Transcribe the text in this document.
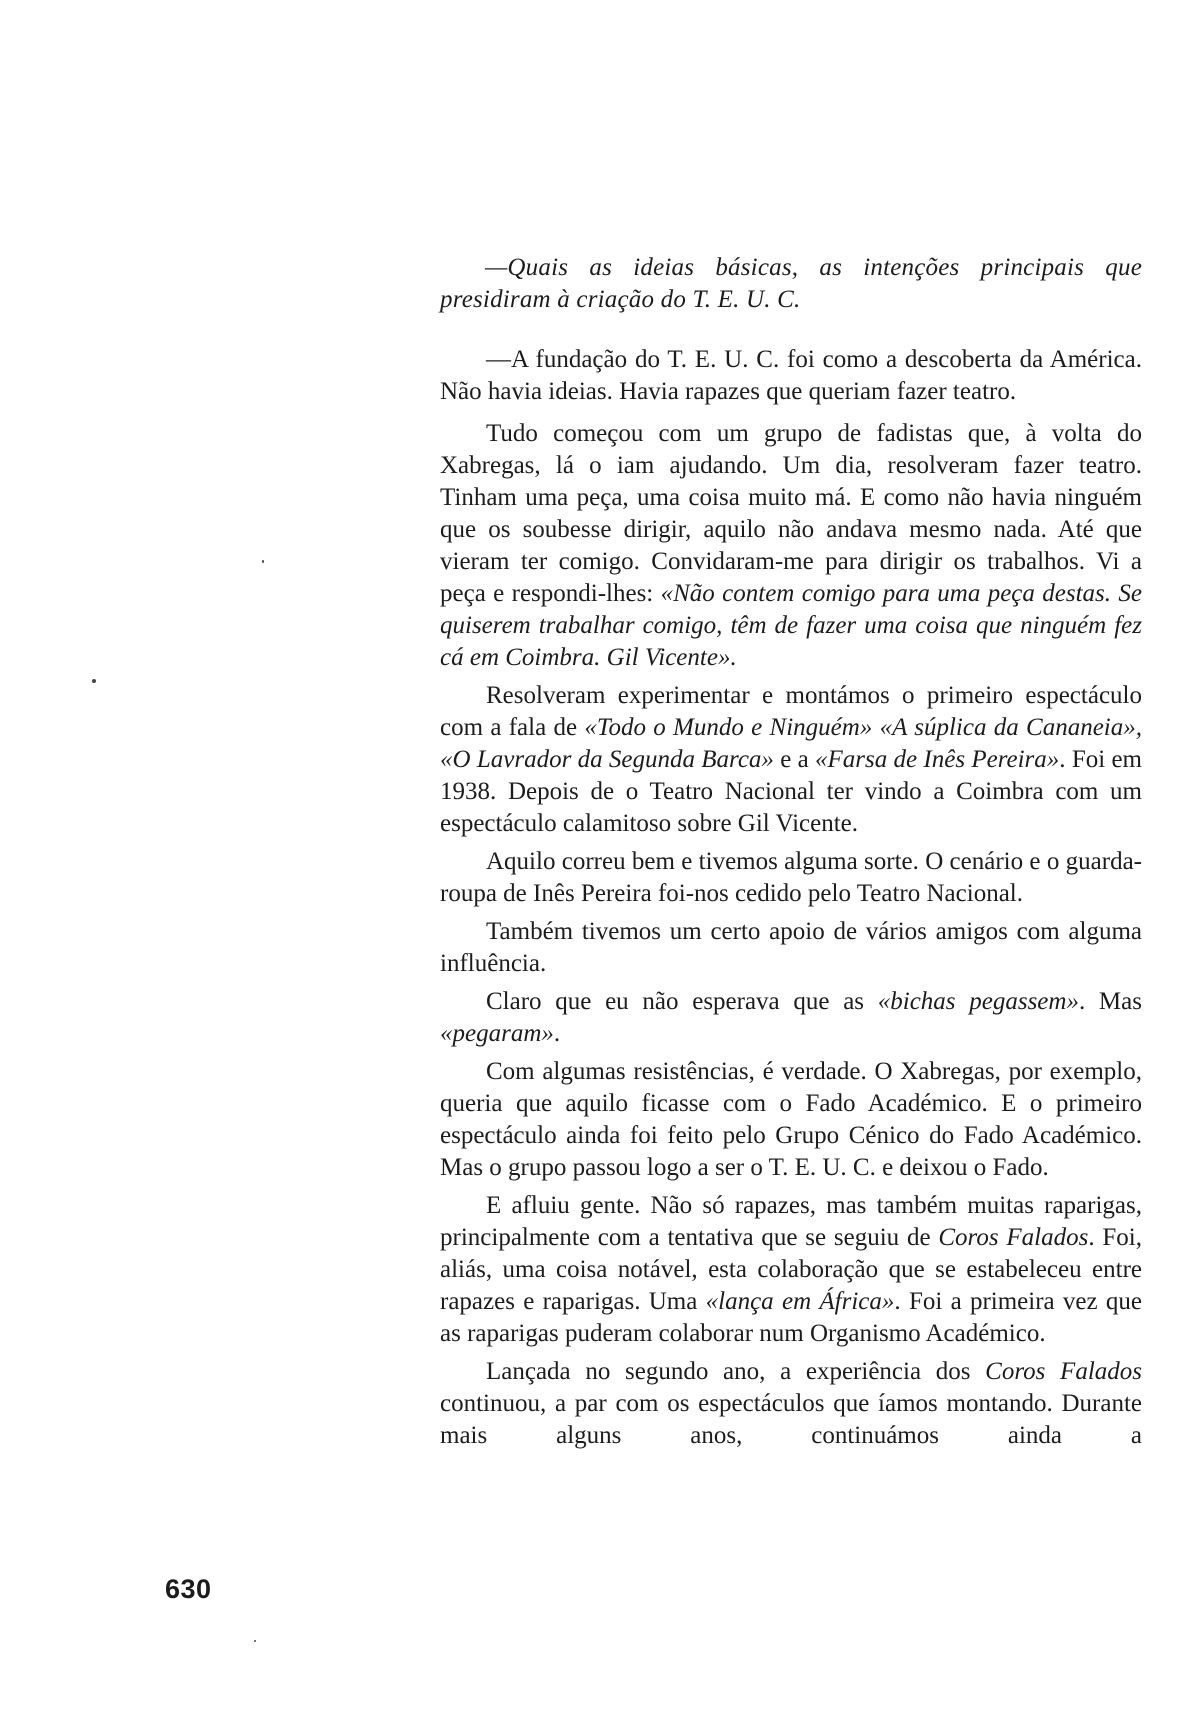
—Quais as ideias básicas, as intenções principais que presidiram à criação do T. E. U. C.

—A fundação do T. E. U. C. foi como a descoberta da América. Não havia ideias. Havia rapazes que queriam fazer teatro.

Tudo começou com um grupo de fadistas que, à volta do Xabregas, lá o iam ajudando. Um dia, resolveram fazer teatro. Tinham uma peça, uma coisa muito má. E como não havia ninguém que os soubesse dirigir, aquilo não andava mesmo nada. Até que vieram ter comigo. Convidaram-me para dirigir os trabalhos. Vi a peça e respondi-lhes: «Não contem comigo para uma peça destas. Se quiserem trabalhar comigo, têm de fazer uma coisa que ninguém fez cá em Coimbra. Gil Vicente».

Resolveram experimentar e montámos o primeiro espectáculo com a fala de «Todo o Mundo e Ninguém» «A súplica da Cananeia», «O Lavrador da Segunda Barca» e a «Farsa de Inês Pereira». Foi em 1938. Depois de o Teatro Nacional ter vindo a Coimbra com um espectáculo calamitoso sobre Gil Vicente.

Aquilo correu bem e tivemos alguma sorte. O cenário e o guarda-roupa de Inês Pereira foi-nos cedido pelo Teatro Nacional.

Também tivemos um certo apoio de vários amigos com alguma influência.

Claro que eu não esperava que as «bichas pegassem». Mas «pegaram».

Com algumas resistências, é verdade. O Xabregas, por exemplo, queria que aquilo ficasse com o Fado Académico. E o primeiro espectáculo ainda foi feito pelo Grupo Cénico do Fado Académico. Mas o grupo passou logo a ser o T. E. U. C. e deixou o Fado.

E afluiu gente. Não só rapazes, mas também muitas raparigas, principalmente com a tentativa que se seguiu de Coros Falados. Foi, aliás, uma coisa notável, esta colaboração que se estabeleceu entre rapazes e raparigas. Uma «lança em África». Foi a primeira vez que as raparigas puderam colaborar num Organismo Académico.

Lançada no segundo ano, a experiência dos Coros Falados continuou, a par com os espectáculos que íamos montando. Durante mais alguns anos, continuámos ainda a

630
